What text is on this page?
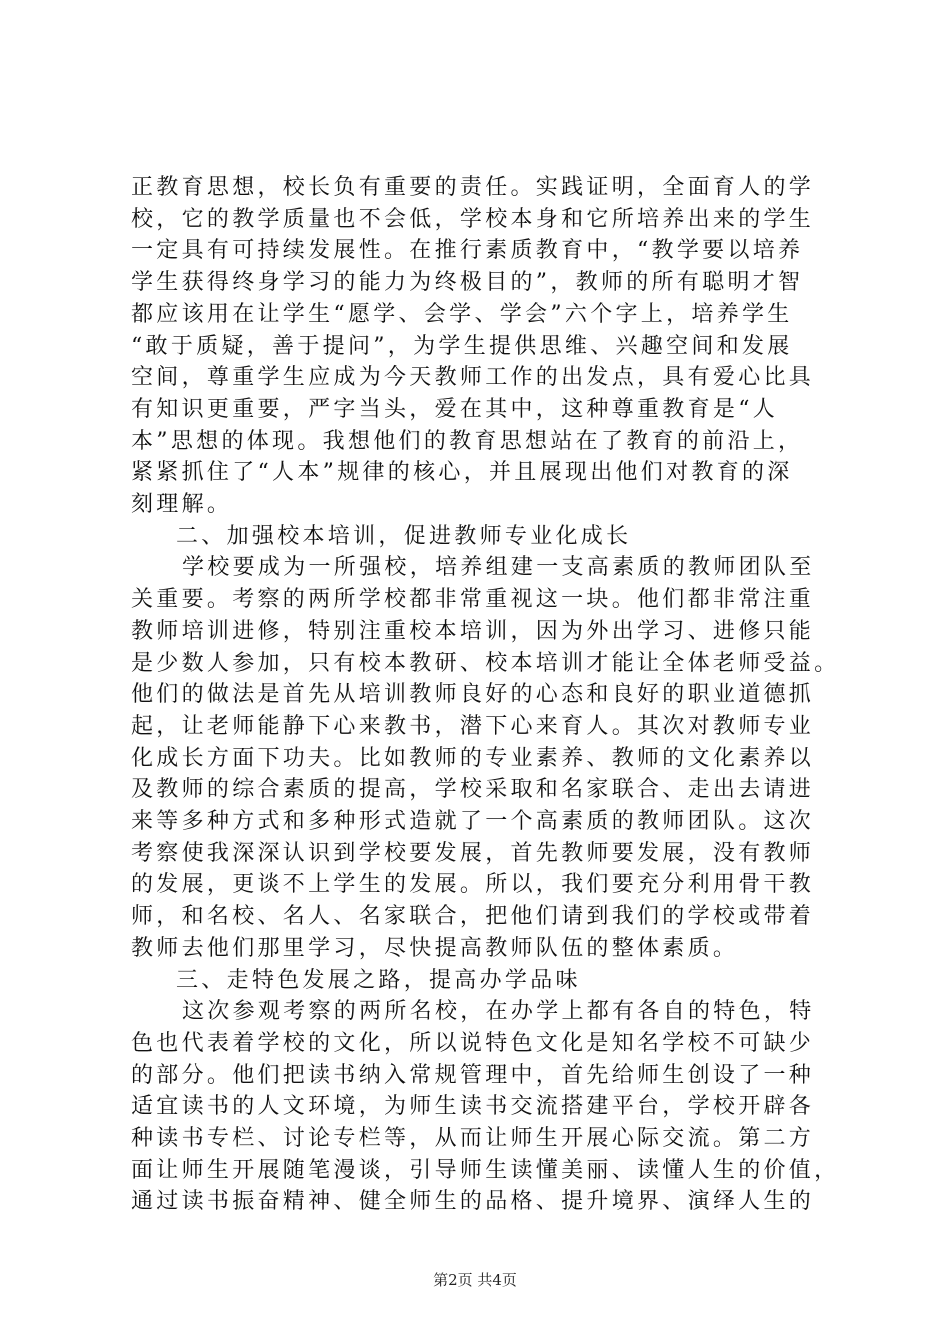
正教育思想，校长负有重要的责任。实践证明，全面育人的学
校，它的教学质量也不会低，学校本身和它所培养出来的学生
一定具有可持续发展性。在推行素质教育中，“教学要以培养
学生获得终身学习的能力为终极目的”，教师的所有聪明才智
都应该用在让学生“愿学、会学、学会”六个字上，培养学生
“敢于质疑，善于提问”，为学生提供思维、兴趣空间和发展
空间，尊重学生应成为今天教师工作的出发点，具有爱心比具
有知识更重要，严字当头，爱在其中，这种尊重教育是“人
本”思想的体现。我想他们的教育思想站在了教育的前沿上，
紧紧抓住了“人本”规律的核心，并且展现出他们对教育的深
刻理解。
二、加强校本培训，促进教师专业化成长
学校要成为一所强校，培养组建一支高素质的教师团队至
关重要。考察的两所学校都非常重视这一块。他们都非常注重
教师培训进修，特别注重校本培训，因为外出学习、进修只能
是少数人参加，只有校本教研、校本培训才能让全体老师受益。
他们的做法是首先从培训教师良好的心态和良好的职业道德抓
起，让老师能静下心来教书，潜下心来育人。其次对教师专业
化成长方面下功夫。比如教师的专业素养、教师的文化素养以
及教师的综合素质的提高，学校采取和名家联合、走出去请进
来等多种方式和多种形式造就了一个高素质的教师团队。这次
考察使我深深认识到学校要发展，首先教师要发展，没有教师
的发展，更谈不上学生的发展。所以，我们要充分利用骨干教
师，和名校、名人、名家联合，把他们请到我们的学校或带着
教师去他们那里学习，尽快提高教师队伍的整体素质。
三、走特色发展之路，提高办学品味
这次参观考察的两所名校，在办学上都有各自的特色，特
色也代表着学校的文化，所以说特色文化是知名学校不可缺少
的部分。他们把读书纳入常规管理中，首先给师生创设了一种
适宜读书的人文环境，为师生读书交流搭建平台，学校开辟各
种读书专栏、讨论专栏等，从而让师生开展心际交流。第二方
面让师生开展随笔漫谈，引导师生读懂美丽、读懂人生的价值，
通过读书振奋精神、健全师生的品格、提升境界、演绎人生的
第2页 共4页
